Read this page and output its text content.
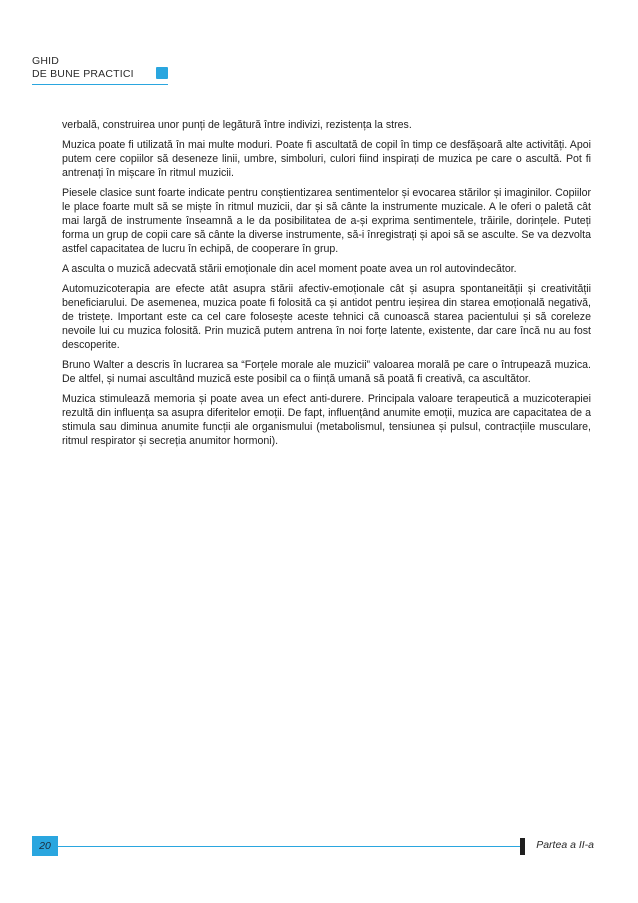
GHID
DE BUNE PRACTICI

verbală, construirea unor punți de legătură între indivizi, rezistența la stres.

Muzica poate fi utilizată în mai multe moduri. Poate fi ascultată de copil în timp ce desfășoară alte activități. Apoi putem cere copiilor să deseneze linii, umbre, simboluri, culori fiind inspirați de muzica pe care o ascultă. Pot fi antrenați în mișcare în ritmul muzicii.

Piesele clasice sunt foarte indicate pentru conștientizarea sentimentelor și evocarea stărilor și imaginilor. Copiilor le place foarte mult să se miște în ritmul muzicii, dar și să cânte la instrumente muzicale. A le oferi o paletă cât mai largă de instrumente înseamnă a le da posibilitatea de a-și exprima sentimentele, trăirile, dorințele. Puteți forma un grup de copii care să cânte la diverse instrumente, să-i înregistrați și apoi să se asculte. Se va dezvolta astfel capacitatea de lucru în echipă, de cooperare în grup.

A asculta o muzică adecvată stării emoționale din acel moment poate avea un rol autovindecător.

Automuzicoterapia are efecte atât asupra stării afectiv-emoționale cât și asupra spontaneității și creativității beneficiarului. De asemenea, muzica poate fi folosită ca și antidot pentru ieșirea din starea emoțională negativă, de tristețe. Important este ca cel care folosește aceste tehnici că cunoască starea pacientului și să coreleze nevoile lui cu muzica folosită. Prin muzică putem antrena în noi forțe latente, existente, dar care încă nu au fost descoperite.

Bruno Walter a descris în lucrarea sa “Forțele morale ale muzicii” valoarea morală pe care o întrupează muzica. De altfel, și numai ascultând muzică este posibil ca o ființă umană să poată fi creativă, ca ascultător.

Muzica stimulează memoria și poate avea un efect anti-durere. Principala valoare terapeutică a muzicoterapiei rezultă din influența sa asupra diferitelor emoții. De fapt, influențând anumite emoții, muzica are capacitatea de a stimula sau diminua anumite funcții ale organismului (metabolismul, tensiunea și pulsul, contracțiile musculare, ritmul respirator și secreția anumitor hormoni).

20	Partea a II-a
